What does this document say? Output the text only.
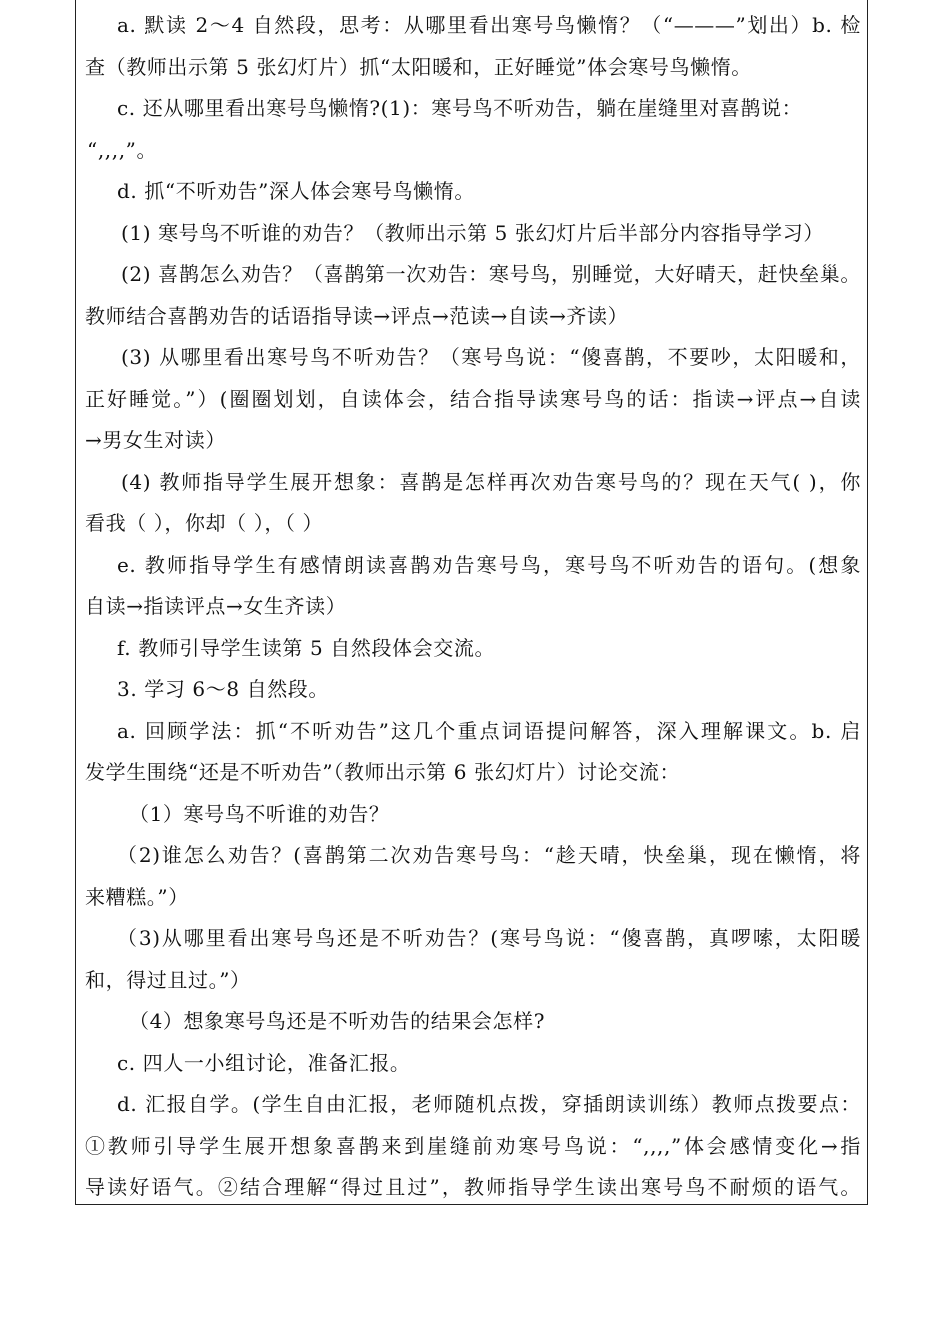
a. 默读 2～4 自然段，思考：从哪里看出寒号鸟懒惰？（“———”划出）b. 检
查（教师出示第 5 张幻灯片）抓“太阳暖和，正好睡觉”体会寒号鸟懒惰。
c. 还从哪里看出寒号鸟懒惰?(1)：寒号鸟不听劝告，躺在崖缝里对喜鹊说：
“,,,,”。
d. 抓“不听劝告”深人体会寒号鸟懒惰。
(1) 寒号鸟不听谁的劝告？（教师出示第 5 张幻灯片后半部分内容指导学习）
(2) 喜鹊怎么劝告？（喜鹊第一次劝告：寒号鸟，别睡觉，大好晴天，赶快垒巢。
教师结合喜鹊劝告的话语指导读→评点→范读→自读→齐读）
(3) 从哪里看出寒号鸟不听劝告？（寒号鸟说：“傻喜鹊，不要吵，太阳暖和，
正好睡觉。”）(圈圈划划，自读体会，结合指导读寒号鸟的话：指读→评点→自读
→男女生对读）
(4) 教师指导学生展开想象：喜鹊是怎样再次劝告寒号鸟的？现在天气( )，你
看我（ ），你却（ ），（ ）
e. 教师指导学生有感情朗读喜鹊劝告寒号鸟，寒号鸟不听劝告的语句。(想象
自读→指读评点→女生齐读）
f. 教师引导学生读第 5 自然段体会交流。
3. 学习 6～8 自然段。
a. 回顾学法：抓“不听劝告”这几个重点词语提问解答，深入理解课文。b. 启
发学生围绕“还是不听劝告”（教师出示第 6 张幻灯片）讨论交流：
（1）寒号鸟不听谁的劝告？
（2)谁怎么劝告？(喜鹊第二次劝告寒号鸟：“趁天晴，快垒巢，现在懒惰，将
来糟糕。”）
（3)从哪里看出寒号鸟还是不听劝告？(寒号鸟说：“傻喜鹊，真啰嗦，太阳暖
和，得过且过。”）
（4）想象寒号鸟还是不听劝告的结果会怎样?
c. 四人一小组讨论，准备汇报。
d. 汇报自学。(学生自由汇报，老师随机点拨，穿插朗读训练）教师点拨要点：
①教师引导学生展开想象喜鹊来到崖缝前劝寒号鸟说：“,,,,”体会感情变化→指
导读好语气。②结合理解“得过且过”，教师指导学生读出寒号鸟不耐烦的语气。
